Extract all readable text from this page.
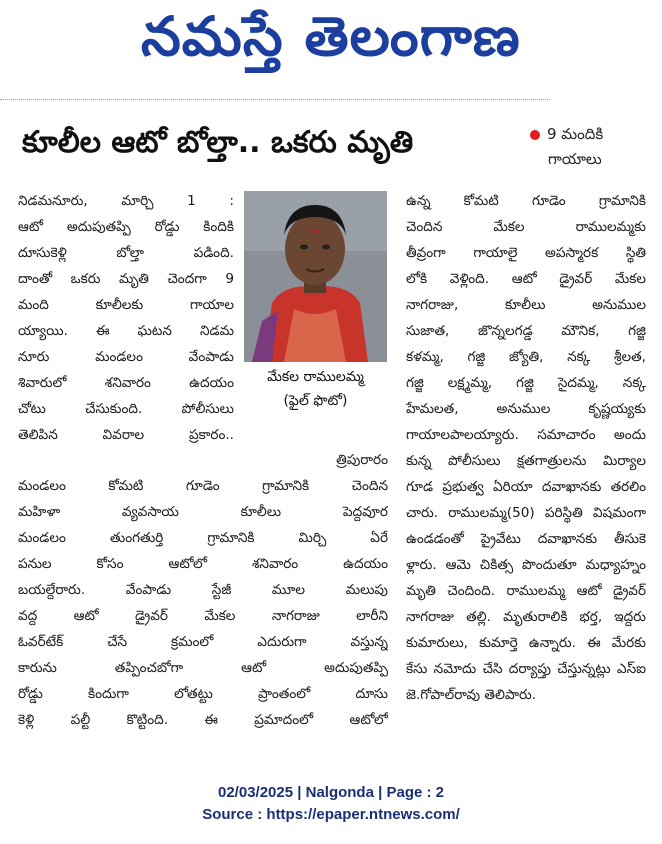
నమస్తే తెలంగాణ
కూలీల ఆటో బోల్తా.. ఒకరు మృతి	9 మందికి
గాయాలు
నిడమనూరు, మార్చి 1 :
ఆటో అదుపుతప్పి రోడ్డు కిందికి
దూసుకెళ్లి బోల్తా పడింది.
దాంతో ఒకరు మృతి చెందగా 9
మంది కూలీలకు గాయాల
య్యాయి. ఈ ఘటన నిడమ
నూరు మండలం వేంపాడు
శివారులో శనివారం ఉదయం
చోటు చేసుకుంది. పోలీసులు
తెలిపిన వివరాల ప్రకారం..
మేకల రాములమ్మ
(ఫైల్ ఫొటో)
ఉన్న కోమటి గూడెం గ్రామానికి
చెందిన మేకల రాములమ్మకు
తీవ్రంగా గాయాలై అపస్మారక స్థితి
లోకి వెళ్లింది. ఆటో డ్రైవర్ మేకల
నాగరాజు, కూలీలు అనుముల
సుజాత, జొన్నలగడ్డ మౌనిక, గజ్జి
కళమ్మ, గజ్జి జ్యోతి, నక్క శ్రీలత,
గజ్జి లక్ష్మమ్మ, గజ్జి సైదమ్మ, నక్క
హేమలత, అనుముల కృష్ణయ్యకు
గాయాలపాలయ్యారు. సమాచారం అందు
కున్న పోలీసులు క్షతగాత్రులను మిర్యాల
గూడ ప్రభుత్వ ఏరియా దవాఖానకు తరలిం
చారు. రాములమ్మ(50) పరిస్థితి విషమంగా
ఉండడంతో ప్రైవేటు దవాఖానకు తీసుకె
ళ్లారు. ఆమె చికిత్స పొందుతూ మధ్యాహ్నం
మృతి చెందింది. రాములమ్మ ఆటో డ్రైవర్
నాగరాజు తల్లి. మృతురాలికి భర్త, ఇద్దరు
కుమారులు, కుమార్తె ఉన్నారు. ఈ మేరకు
కేసు నమోదు చేసి దర్యాప్తు చేస్తున్నట్లు ఎస్ఐ
జె.గోపాల్‌రావు తెలిపారు.
త్రిపురారం
మండలం కోమటి గూడెం గ్రామానికి చెందిన
మహిళా వ్యవసాయ కూలీలు పెద్దవూర
మండలం తుంగతుర్తి గ్రామానికి మిర్చి ఏరే
పనుల కోసం ఆటోలో శనివారం ఉదయం
బయల్దేరారు. వేంపాడు స్టేజీ మూల మలుపు
వద్ద ఆటో డ్రైవర్ మేకల నాగరాజు లారీని
ఓవర్‌టేక్ చేసే క్రమంలో ఎదురుగా వస్తున్న
కారును తప్పించబోగా ఆటో అదుపుతప్పి
రోడ్డు కిందుగా లోతట్టు ప్రాంతంలో దూసు
కెళ్లి పల్టీ కొట్టింది. ఈ ప్రమాదంలో ఆటోలో
02/03/2025 | Nalgonda | Page : 2
Source : https://epaper.ntnews.com/
